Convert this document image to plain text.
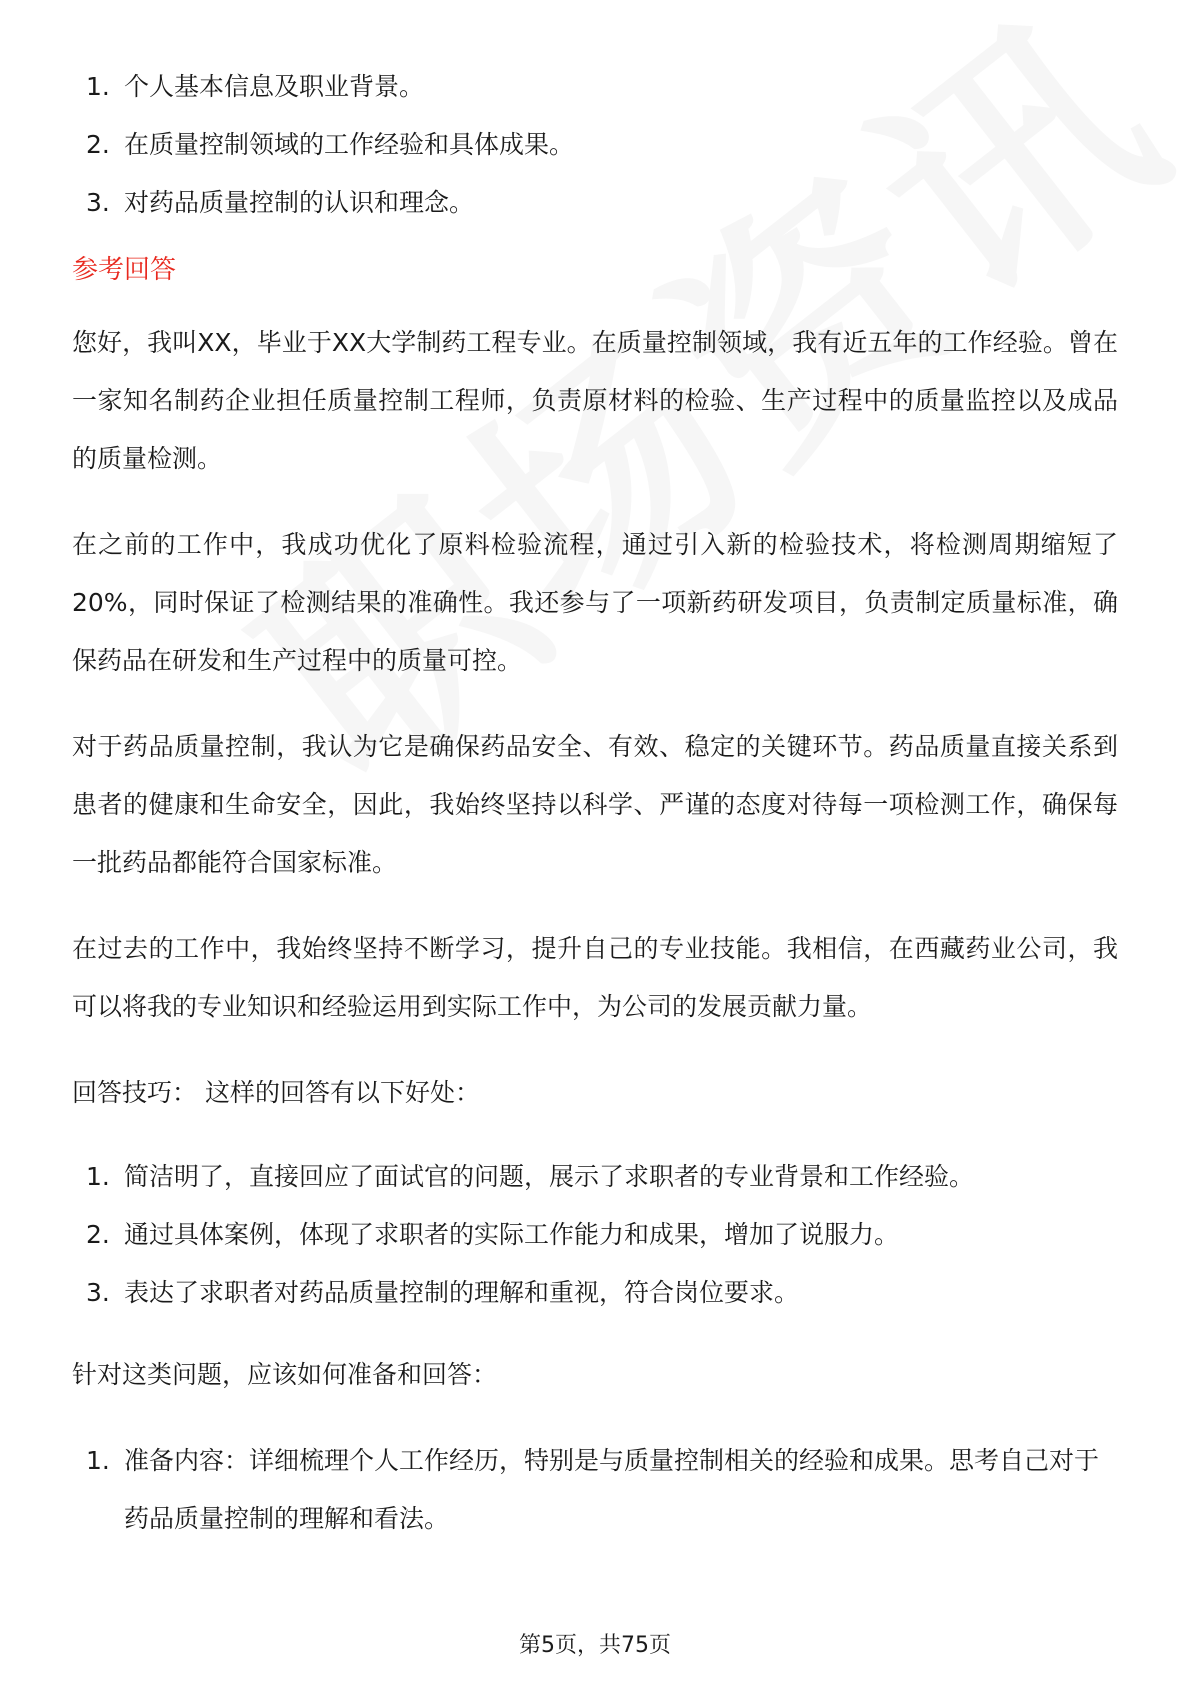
1. 个人基本信息及职业背景。
2. 在质量控制领域的工作经验和具体成果。
3. 对药品质量控制的认识和理念。
参考回答

您好，我叫XX，毕业于XX大学制药工程专业。在质量控制领域，我有近五年的工作经验。曾在一家知名制药企业担任质量控制工程师，负责原材料的检验、生产过程中的质量监控以及成品的质量检测。

在之前的工作中，我成功优化了原料检验流程，通过引入新的检验技术，将检测周期缩短了20%，同时保证了检测结果的准确性。我还参与了一项新药研发项目，负责制定质量标准，确保药品在研发和生产过程中的质量可控。

对于药品质量控制，我认为它是确保药品安全、有效、稳定的关键环节。药品质量直接关系到患者的健康和生命安全，因此，我始终坚持以科学、严谨的态度对待每一项检测工作，确保每一批药品都能符合国家标准。

在过去的工作中，我始终坚持不断学习，提升自己的专业技能。我相信，在西藏药业公司，我可以将我的专业知识和经验运用到实际工作中，为公司的发展贡献力量。

回答技巧： 这样的回答有以下好处：

1. 简洁明了，直接回应了面试官的问题，展示了求职者的专业背景和工作经验。
2. 通过具体案例，体现了求职者的实际工作能力和成果，增加了说服力。
3. 表达了求职者对药品质量控制的理解和重视，符合岗位要求。

针对这类问题，应该如何准备和回答：

1. 准备内容：详细梳理个人工作经历，特别是与质量控制相关的经验和成果。思考自己对于药品质量控制的理解和看法。
第5页，共75页
